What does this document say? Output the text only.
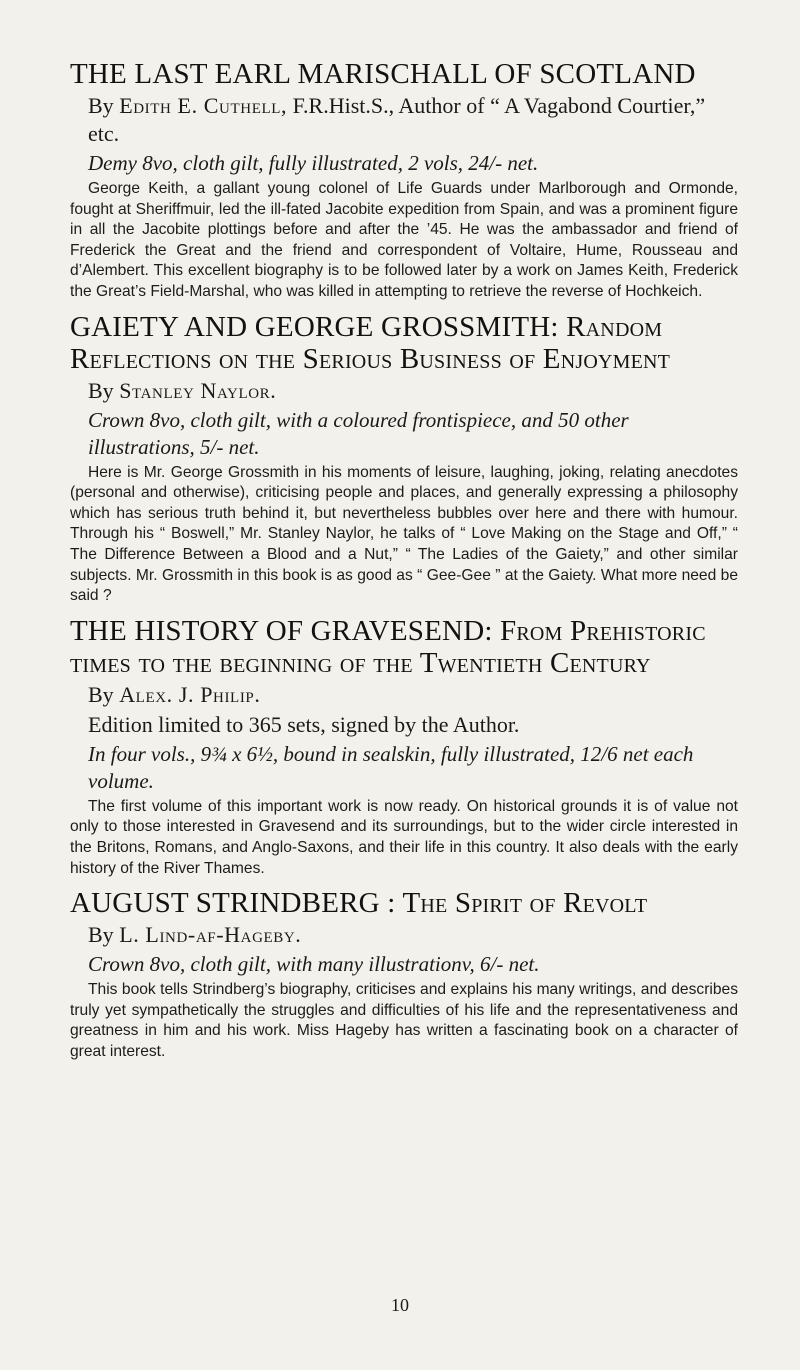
THE LAST EARL MARISCHALL OF SCOTLAND

By Edith E. Cuthell, F.R.Hist.S., Author of “ A Vagabond Courtier,” etc.

Demy 8vo, cloth gilt, fully illustrated, 2 vols, 24/- net.

George Keith, a gallant young colonel of Life Guards under Marlborough and Ormonde, fought at Sheriffmuir, led the ill-fated Jacobite expedition from Spain, and was a prominent figure in all the Jacobite plottings before and after the ’45. He was the ambassador and friend of Frederick the Great and the friend and correspondent of Voltaire, Hume, Rousseau and d’Alembert. This excellent biography is to be followed later by a work on James Keith, Frederick the Great’s Field-Marshal, who was killed in attempting to retrieve the reverse of Hochkeich.

GAIETY AND GEORGE GROSSMITH: Random Reflections on the Serious Business of Enjoyment

By Stanley Naylor.

Crown 8vo, cloth gilt, with a coloured frontispiece, and 50 other illustrations, 5/- net.

Here is Mr. George Grossmith in his moments of leisure, laughing, joking, relating anecdotes (personal and otherwise), criticising people and places, and generally expressing a philosophy which has serious truth behind it, but nevertheless bubbles over here and there with humour. Through his “ Boswell,” Mr. Stanley Naylor, he talks of “ Love Making on the Stage and Off,” “ The Difference Between a Blood and a Nut,” “ The Ladies of the Gaiety,” and other similar subjects. Mr. Grossmith in this book is as good as “ Gee-Gee ” at the Gaiety. What more need be said ?

THE HISTORY OF GRAVESEND: From Prehistoric times to the beginning of the Twentieth Century

By Alex. J. Philip.

Edition limited to 365 sets, signed by the Author.

In four vols., 9¾ x 6½, bound in sealskin, fully illustrated, 12/6 net each volume.

The first volume of this important work is now ready. On historical grounds it is of value not only to those interested in Gravesend and its surroundings, but to the wider circle interested in the Britons, Romans, and Anglo-Saxons, and their life in this country. It also deals with the early history of the River Thames.

AUGUST STRINDBERG : The Spirit of Revolt

By L. Lind-af-Hageby.

Crown 8vo, cloth gilt, with many illustrationv, 6/- net.

This book tells Strindberg’s biography, criticises and explains his many writings, and describes truly yet sympathetically the struggles and difficulties of his life and the representativeness and greatness in him and his work. Miss Hageby has written a fascinating book on a character of great interest.

10
